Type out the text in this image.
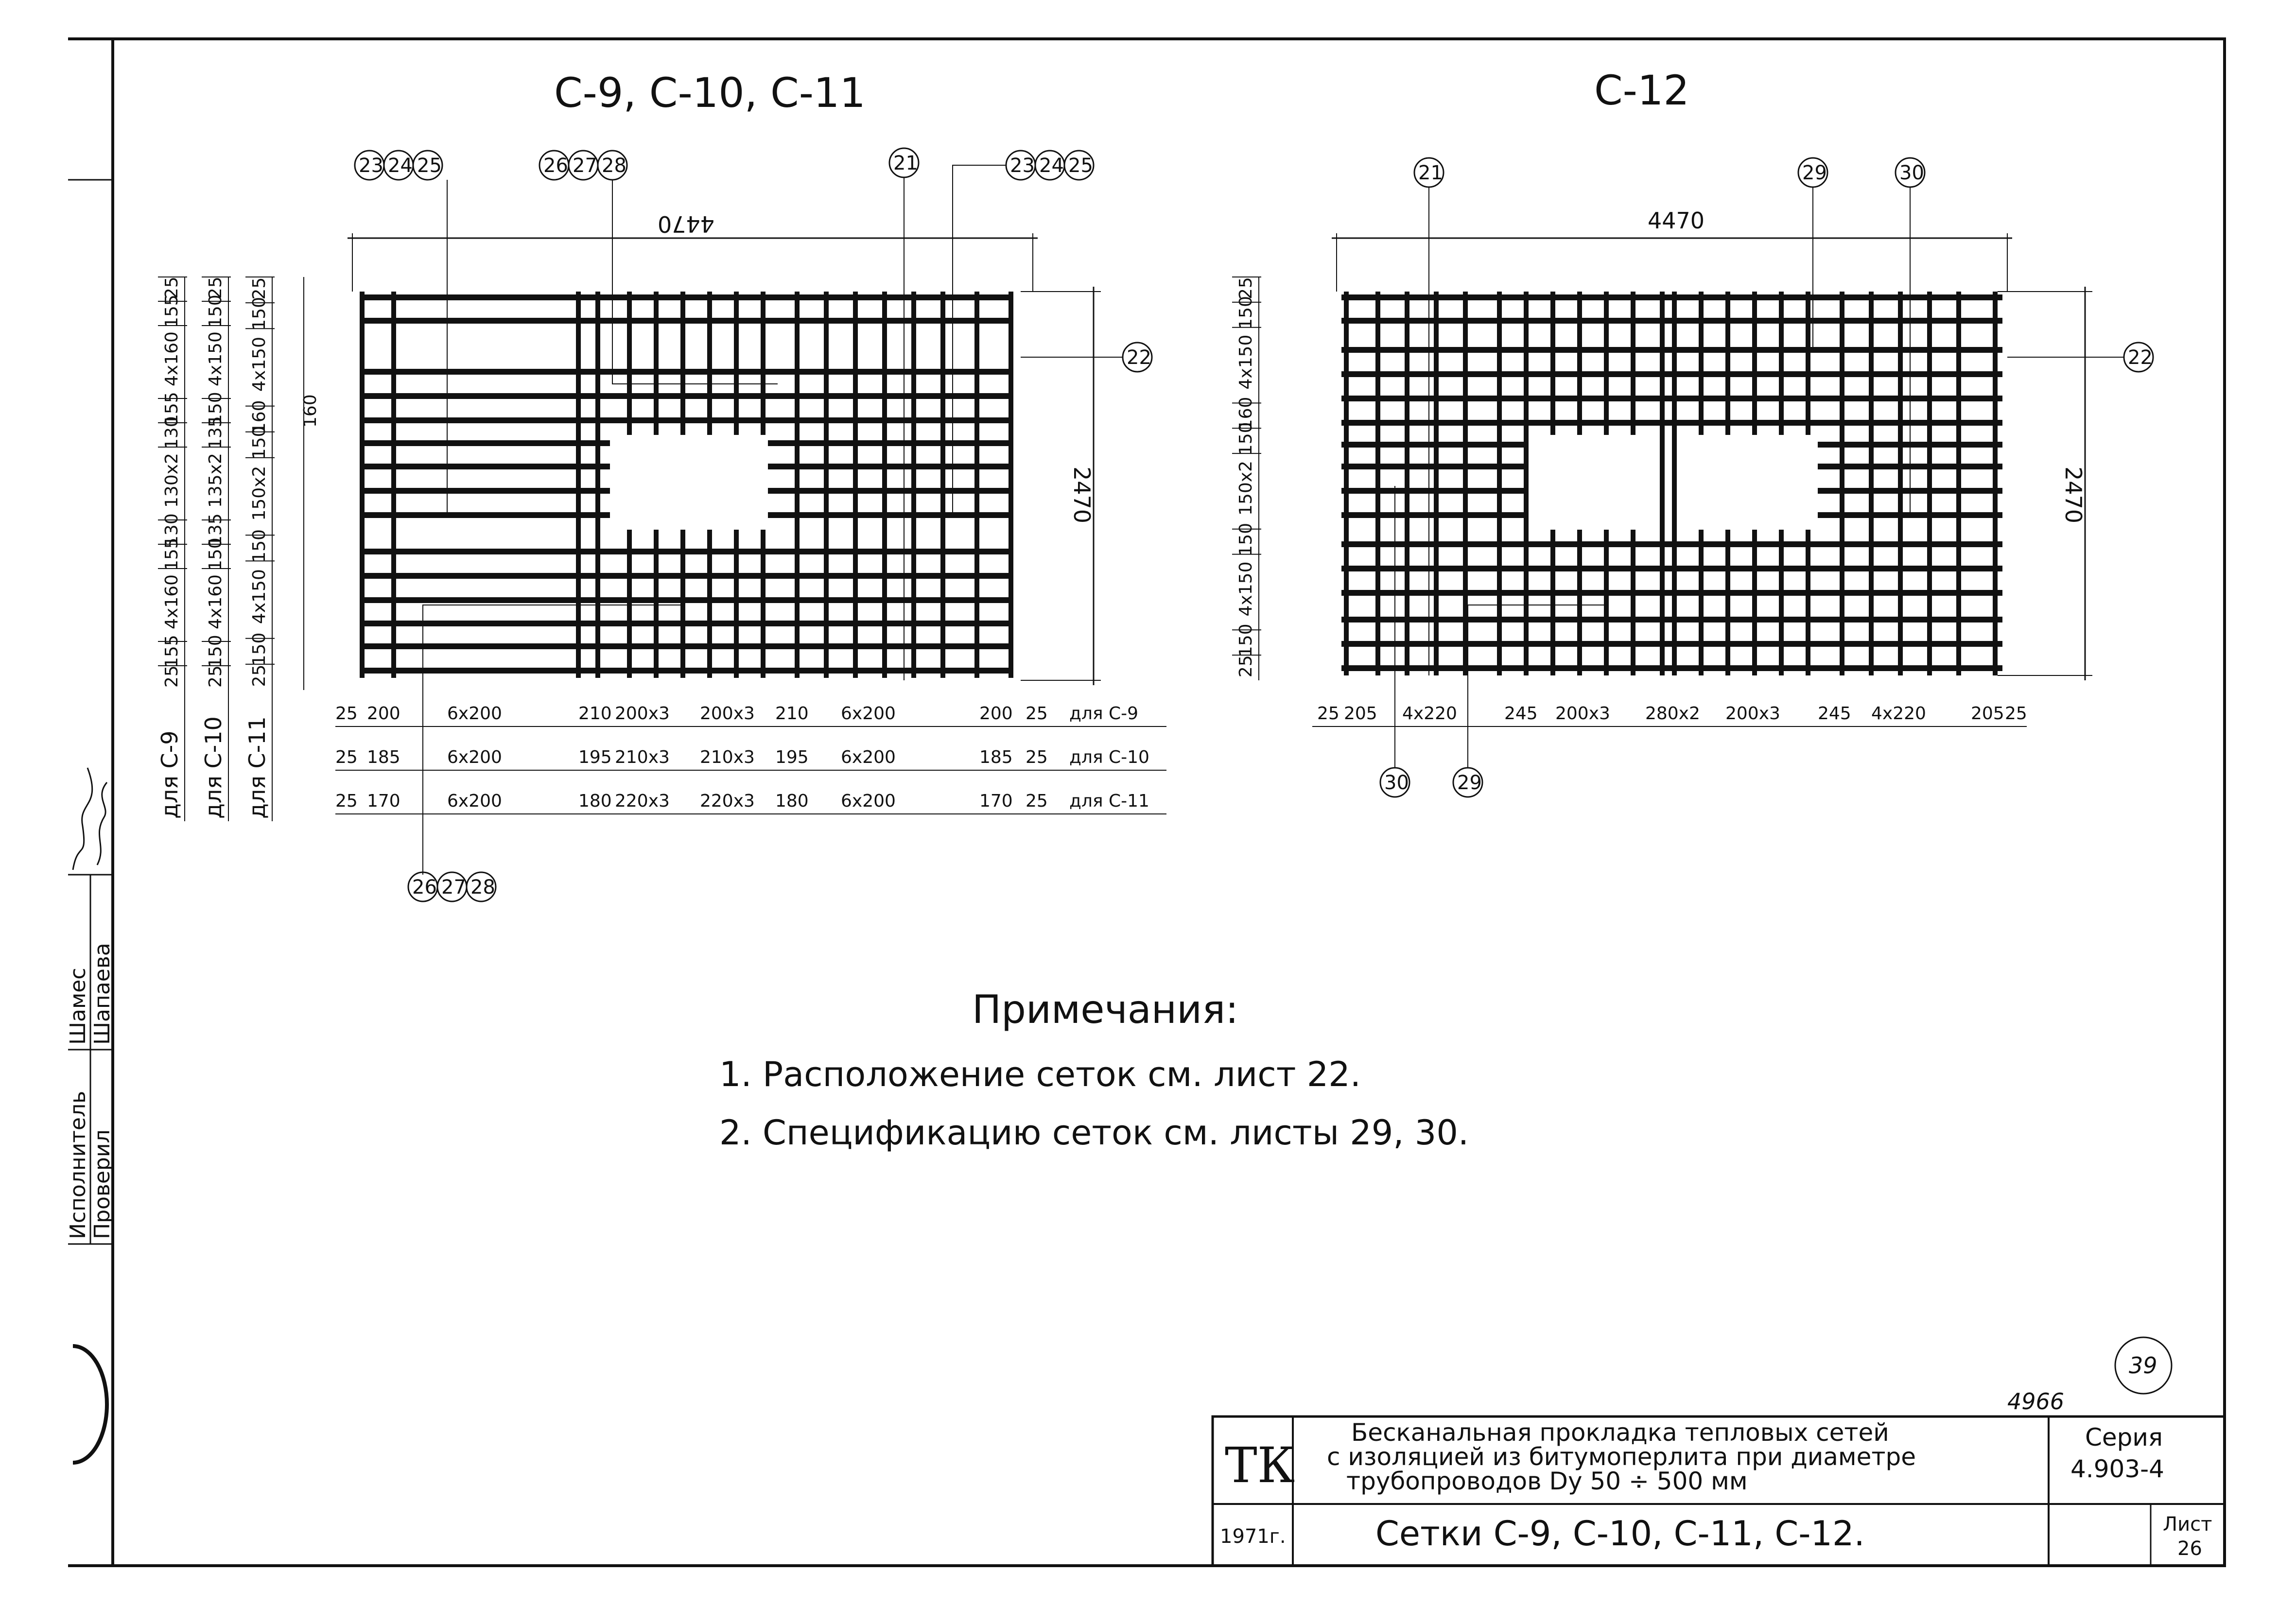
Исполнитель Проверил
Шамес Шапаева
С-9, С-10, С-11
4470
2470
23 24 25	26 27 28	21	23 24 25
22
26 27 28
25
155
4x160
155
130
130x2
130
155
4x160
155
25
25
150
4x160
150
135
135x2
135
150
4x150
150
25
25
150
4x150
150
150x2
150
160
4x150
150
25
160
для С-9 для С-10 для С-11
25 200	6x200	210 200x3 200x3 210 6x200	200 25 для С-9
25 185	6x200	195 210x3 210x3 195 6x200	185 25 для С-10
25 170	6x200	180 220x3 220x3 180 6x200	170 25 для С-11
С-12
4470
2470
21	29	30
22
30 29
25
150
4x150
150
150x2
150
160
4x150
150
25
25 205 4x220	245 200x3 280x2 200x3 245 4x220	205 25
Примечания:
1. Расположение сеток см. лист 22.
2. Спецификацию сеток см. листы 29, 30.
4966
39
ТК
1971г.
Бесканальная прокладка тепловых сетей
с изоляцией из битумоперлита при диаметре
трубопроводов Dу 50 ÷ 500 мм
Сетки С-9, С-10, С-11, С-12.
Серия
4.903-4
Лист
26
